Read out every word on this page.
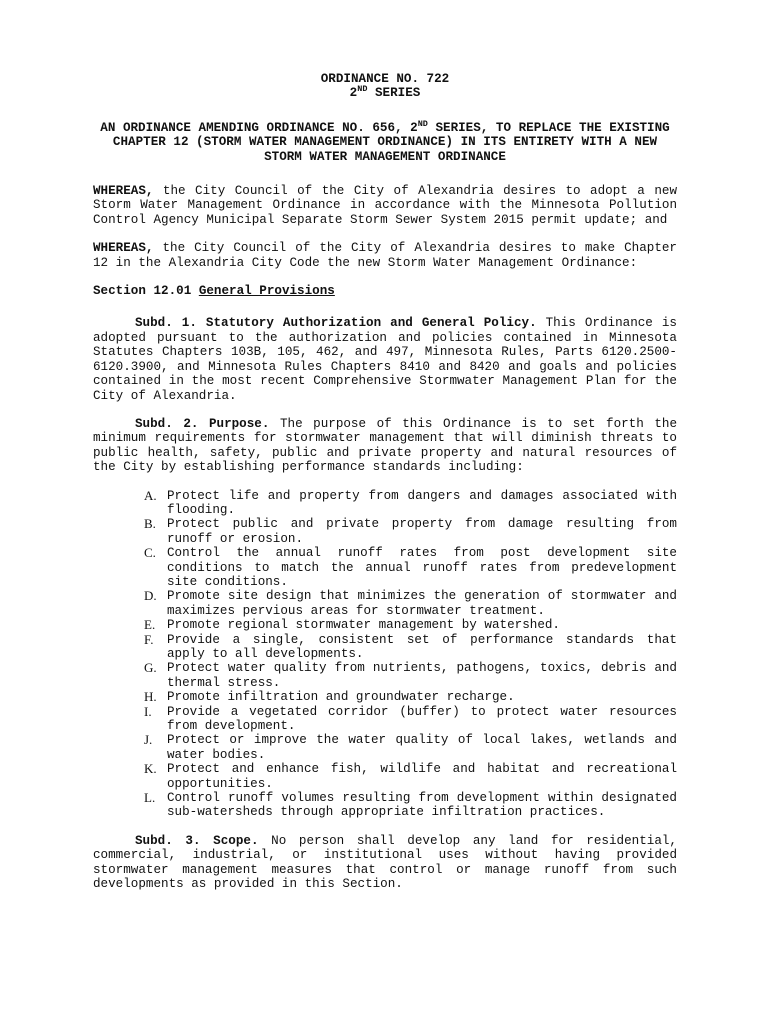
ORDINANCE NO. 722
2ND SERIES
AN ORDINANCE AMENDING ORDINANCE NO. 656, 2ND SERIES, TO REPLACE THE EXISTING CHAPTER 12 (STORM WATER MANAGEMENT ORDINANCE) IN ITS ENTIRETY WITH A NEW STORM WATER MANAGEMENT ORDINANCE

WHEREAS, the City Council of the City of Alexandria desires to adopt a new Storm Water Management Ordinance in accordance with the Minnesota Pollution Control Agency Municipal Separate Storm Sewer System 2015 permit update; and

WHEREAS, the City Council of the City of Alexandria desires to make Chapter 12 in the Alexandria City Code the new Storm Water Management Ordinance:

Section 12.01 General Provisions

Subd. 1. Statutory Authorization and General Policy. This Ordinance is adopted pursuant to the authorization and policies contained in Minnesota Statutes Chapters 103B, 105, 462, and 497, Minnesota Rules, Parts 6120.2500-6120.3900, and Minnesota Rules Chapters 8410 and 8420 and goals and policies contained in the most recent Comprehensive Stormwater Management Plan for the City of Alexandria.

Subd. 2. Purpose. The purpose of this Ordinance is to set forth the minimum requirements for stormwater management that will diminish threats to public health, safety, public and private property and natural resources of the City by establishing performance standards including:

A. Protect life and property from dangers and damages associated with flooding.
B. Protect public and private property from damage resulting from runoff or erosion.
C. Control the annual runoff rates from post development site conditions to match the annual runoff rates from predevelopment site conditions.
D. Promote site design that minimizes the generation of stormwater and maximizes pervious areas for stormwater treatment.
E. Promote regional stormwater management by watershed.
F. Provide a single, consistent set of performance standards that apply to all developments.
G. Protect water quality from nutrients, pathogens, toxics, debris and thermal stress.
H. Promote infiltration and groundwater recharge.
I. Provide a vegetated corridor (buffer) to protect water resources from development.
J. Protect or improve the water quality of local lakes, wetlands and water bodies.
K. Protect and enhance fish, wildlife and habitat and recreational opportunities.
L. Control runoff volumes resulting from development within designated sub-watersheds through appropriate infiltration practices.

Subd. 3. Scope. No person shall develop any land for residential, commercial, industrial, or institutional uses without having provided stormwater management measures that control or manage runoff from such developments as provided in this Section.
